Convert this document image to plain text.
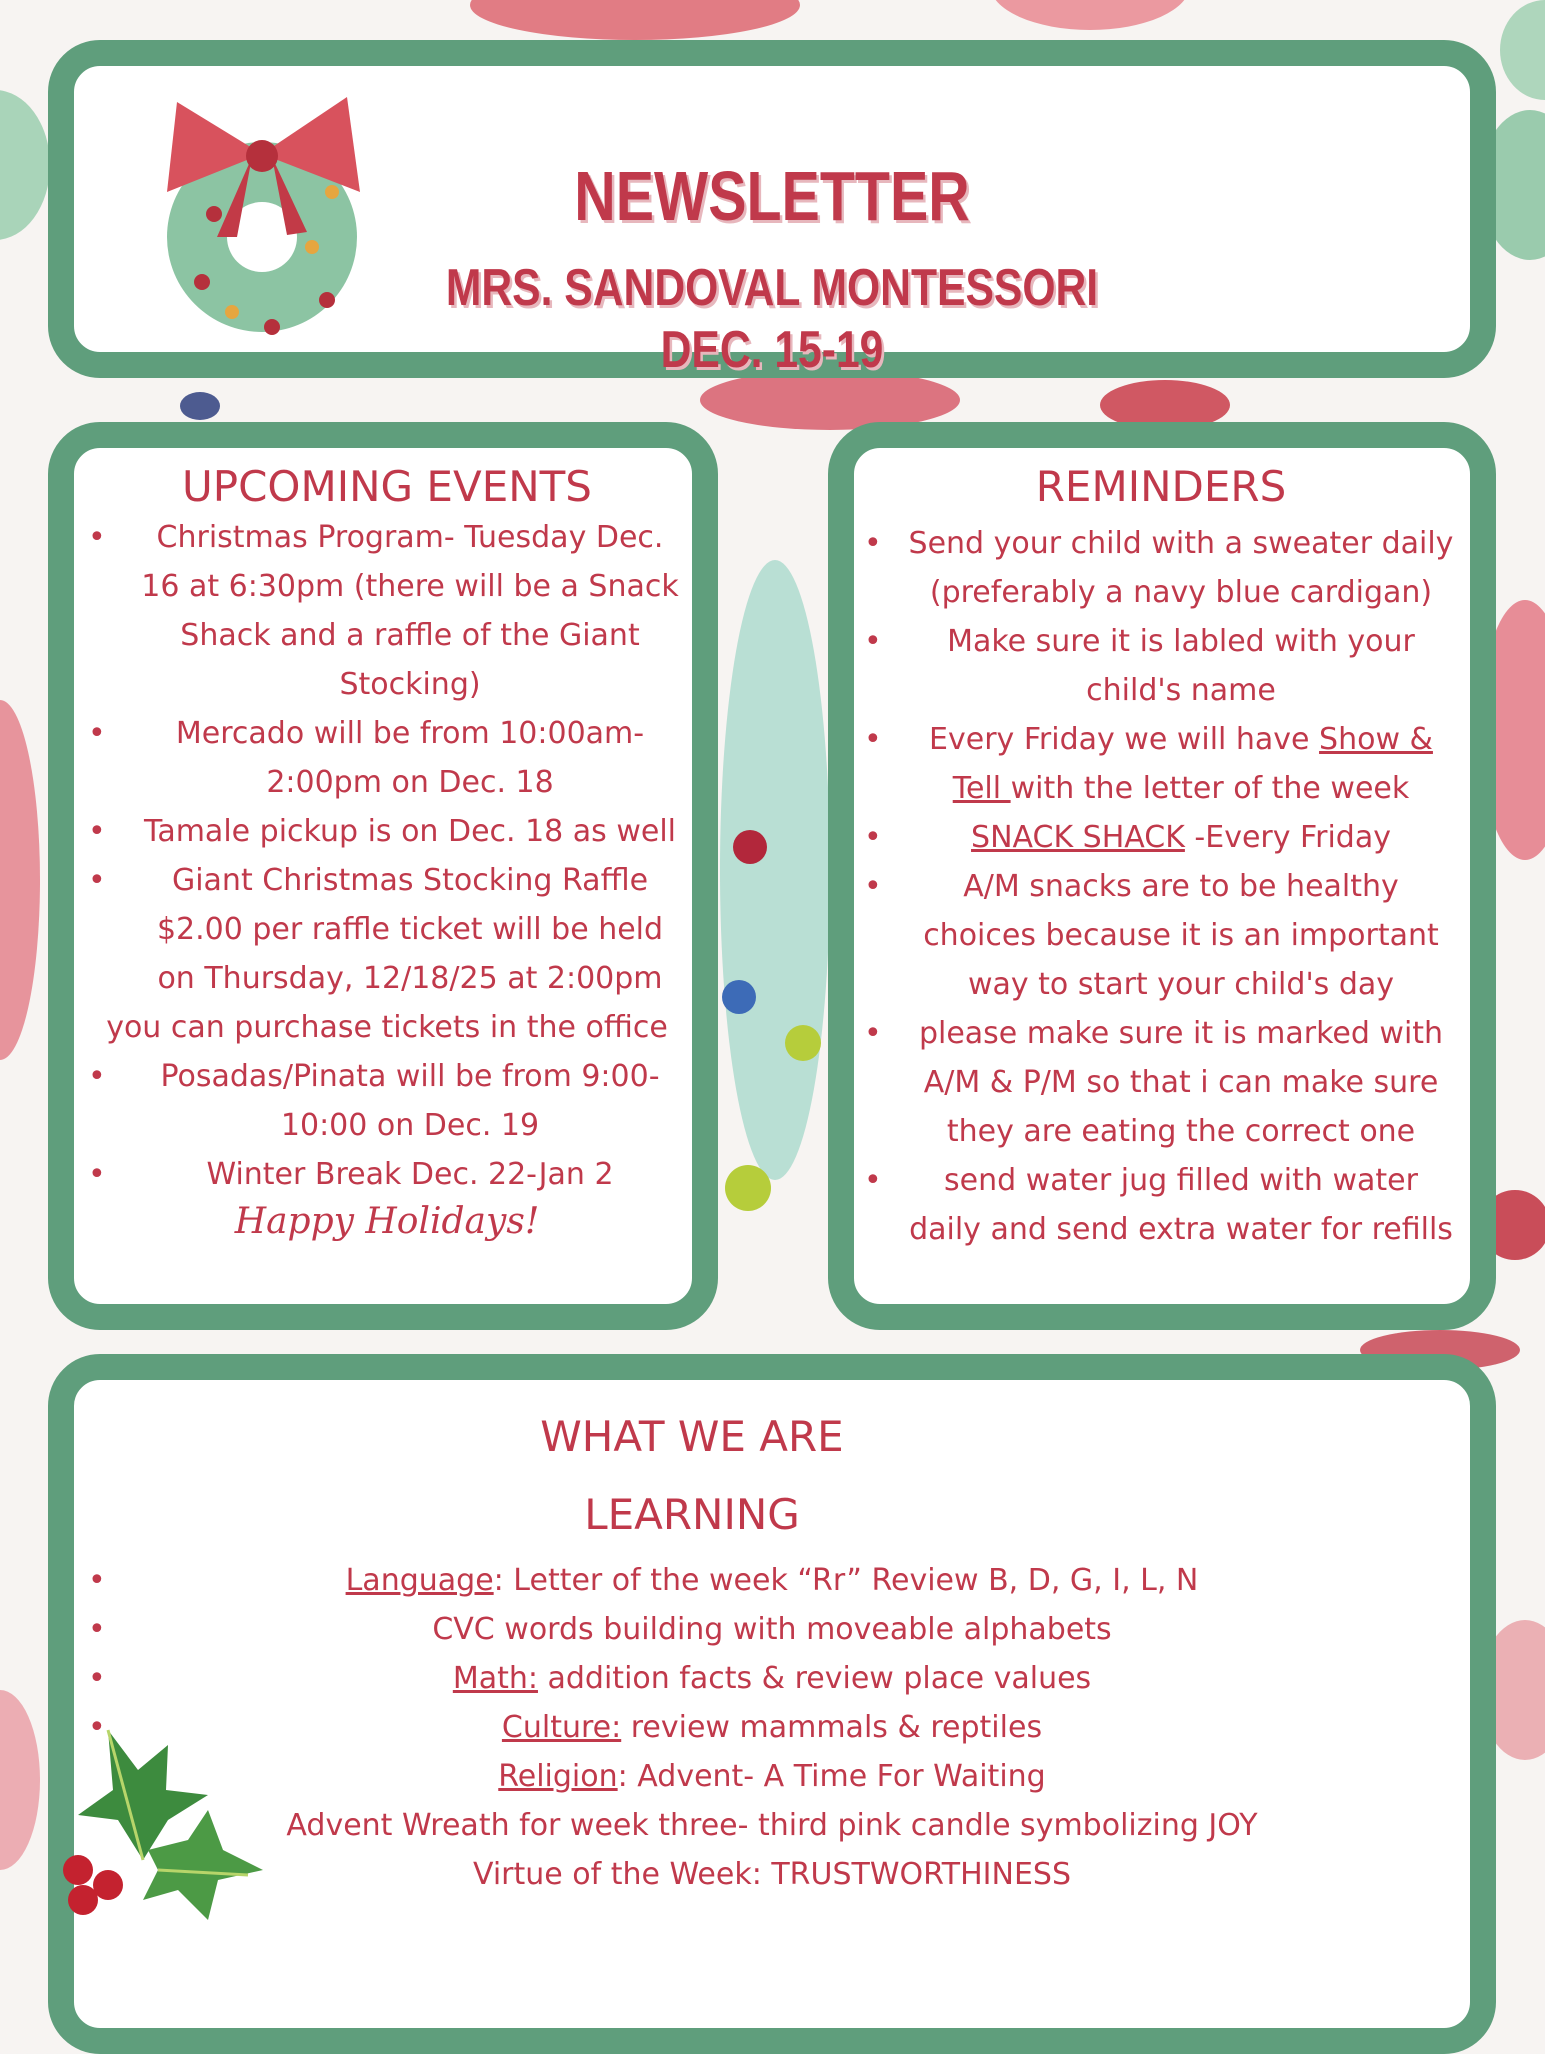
NEWSLETTER
MRS. SANDOVAL MONTESSORI
DEC. 15-19
UPCOMING EVENTS
• Christmas Program- Tuesday Dec. 16 at 6:30pm (there will be a Snack Shack and a raffle of the Giant Stocking)
• Mercado will be from 10:00am-2:00pm on Dec. 18
• Tamale pickup is on Dec. 18 as well
• Giant Christmas Stocking Raffle $2.00 per raffle ticket will be held on Thursday, 12/18/25 at 2:00pm
you can purchase tickets in the office
• Posadas/Pinata will be from 9:00-10:00 on Dec. 19
• Winter Break Dec. 22-Jan 2
Happy Holidays!
REMINDERS
• Send your child with a sweater daily (preferably a navy blue cardigan)
• Make sure it is labled with your child's name
• Every Friday we will have Show & Tell with the letter of the week
• SNACK SHACK -Every Friday
• A/M snacks are to be healthy choices because it is an important way to start your child's day
• please make sure it is marked with A/M & P/M so that i can make sure they are eating the correct one
• send water jug filled with water daily and send extra water for refills
WHAT WE ARE
LEARNING
• Language: Letter of the week “Rr” Review B, D, G, I, L, N
• CVC words building with moveable alphabets
• Math: addition facts & review place values
• Culture: review mammals & reptiles
Religion: Advent- A Time For Waiting
Advent Wreath for week three- third pink candle symbolizing JOY
Virtue of the Week: TRUSTWORTHINESS
